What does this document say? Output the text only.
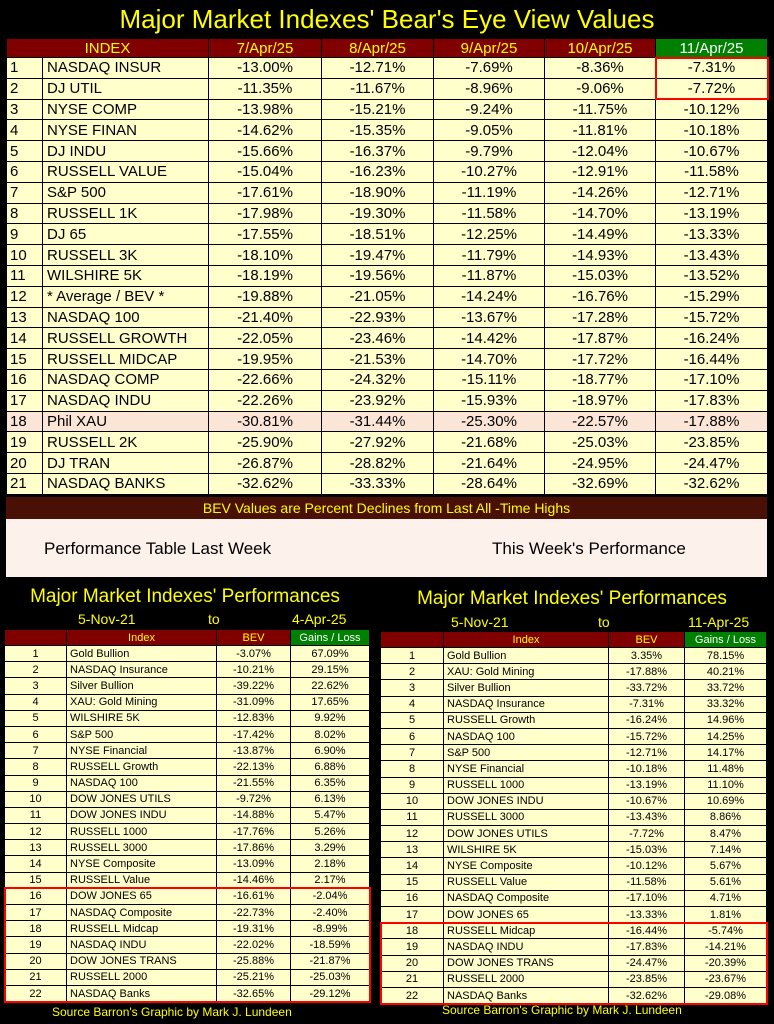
Major Market Indexes' Bear's Eye View Values
INDEX		7/Apr/25	8/Apr/25	9/Apr/25	10/Apr/25	11/Apr/25
1	NASDAQ INSUR	-13.00%	-12.71%	-7.69%	-8.36%	-7.31%
2	DJ UTIL	-11.35%	-11.67%	-8.96%	-9.06%	-7.72%
3	NYSE COMP	-13.98%	-15.21%	-9.24%	-11.75%	-10.12%
4	NYSE FINAN	-14.62%	-15.35%	-9.05%	-11.81%	-10.18%
5	DJ INDU	-15.66%	-16.37%	-9.79%	-12.04%	-10.67%
6	RUSSELL VALUE	-15.04%	-16.23%	-10.27%	-12.91%	-11.58%
7	S&P 500	-17.61%	-18.90%	-11.19%	-14.26%	-12.71%
8	RUSSELL 1K	-17.98%	-19.30%	-11.58%	-14.70%	-13.19%
9	DJ 65	-17.55%	-18.51%	-12.25%	-14.49%	-13.33%
10	RUSSELL 3K	-18.10%	-19.47%	-11.79%	-14.93%	-13.43%
11	WILSHIRE 5K	-18.19%	-19.56%	-11.87%	-15.03%	-13.52%
12	* Average / BEV *	-19.88%	-21.05%	-14.24%	-16.76%	-15.29%
13	NASDAQ 100	-21.40%	-22.93%	-13.67%	-17.28%	-15.72%
14	RUSSELL GROWTH	-22.05%	-23.46%	-14.42%	-17.87%	-16.24%
15	RUSSELL MIDCAP	-19.95%	-21.53%	-14.70%	-17.72%	-16.44%
16	NASDAQ COMP	-22.66%	-24.32%	-15.11%	-18.77%	-17.10%
17	NASDAQ INDU	-22.26%	-23.92%	-15.93%	-18.97%	-17.83%
18	Phil XAU	-30.81%	-31.44%	-25.30%	-22.57%	-17.88%
19	RUSSELL 2K	-25.90%	-27.92%	-21.68%	-25.03%	-23.85%
20	DJ TRAN	-26.87%	-28.82%	-21.64%	-24.95%	-24.47%
21	NASDAQ BANKS	-32.62%	-33.33%	-28.64%	-32.69%	-32.62%
BEV Values are Percent Declines from Last All -Time Highs
Performance Table Last Week	This Week's Performance
Major Market Indexes' Performances
5-Nov-21	to	4-Apr-25
	Index	BEV	Gains / Loss
1	Gold Bullion	-3.07%	67.09%
2	NASDAQ Insurance	-10.21%	29.15%
3	Silver Bullion	-39.22%	22.62%
4	XAU: Gold Mining	-31.09%	17.65%
5	WILSHIRE 5K	-12.83%	9.92%
6	S&P 500	-17.42%	8.02%
7	NYSE Financial	-13.87%	6.90%
8	RUSSELL Growth	-22.13%	6.88%
9	NASDAQ 100	-21.55%	6.35%
10	DOW JONES UTILS	-9.72%	6.13%
11	DOW JONES INDU	-14.88%	5.47%
12	RUSSELL 1000	-17.76%	5.26%
13	RUSSELL 3000	-17.86%	3.29%
14	NYSE Composite	-13.09%	2.18%
15	RUSSELL Value	-14.46%	2.17%
16	DOW JONES 65	-16.61%	-2.04%
17	NASDAQ Composite	-22.73%	-2.40%
18	RUSSELL Midcap	-19.31%	-8.99%
19	NASDAQ INDU	-22.02%	-18.59%
20	DOW JONES TRANS	-25.88%	-21.87%
21	RUSSELL 2000	-25.21%	-25.03%
22	NASDAQ Banks	-32.65%	-29.12%
Source Barron's Graphic by Mark J. Lundeen
Major Market Indexes' Performances
5-Nov-21	to	11-Apr-25
	Index	BEV	Gains / Loss
1	Gold Bullion	3.35%	78.15%
2	XAU: Gold Mining	-17.88%	40.21%
3	Silver Bullion	-33.72%	33.72%
4	NASDAQ Insurance	-7.31%	33.32%
5	RUSSELL Growth	-16.24%	14.96%
6	NASDAQ 100	-15.72%	14.25%
7	S&P 500	-12.71%	14.17%
8	NYSE Financial	-10.18%	11.48%
9	RUSSELL 1000	-13.19%	11.10%
10	DOW JONES INDU	-10.67%	10.69%
11	RUSSELL 3000	-13.43%	8.86%
12	DOW JONES UTILS	-7.72%	8.47%
13	WILSHIRE 5K	-15.03%	7.14%
14	NYSE Composite	-10.12%	5.67%
15	RUSSELL Value	-11.58%	5.61%
16	NASDAQ Composite	-17.10%	4.71%
17	DOW JONES 65	-13.33%	1.81%
18	RUSSELL Midcap	-16.44%	-5.74%
19	NASDAQ INDU	-17.83%	-14.21%
20	DOW JONES TRANS	-24.47%	-20.39%
21	RUSSELL 2000	-23.85%	-23.67%
22	NASDAQ Banks	-32.62%	-29.08%
Source Barron's Graphic by Mark J. Lundeen
